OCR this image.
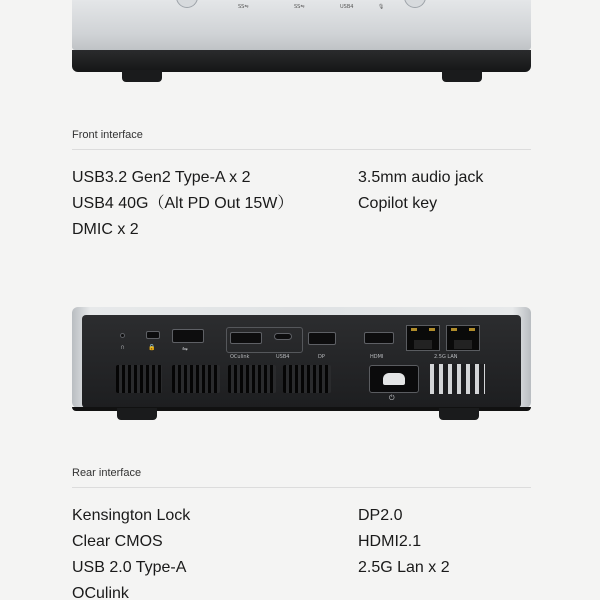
SS⇋	SS⇋	USB4	🎙
Front interface
USB3.2 Gen2 Type-A x 2
USB4 40G（Alt PD Out 15W）
DMIC x 2
3.5mm audio jack
Copilot key
∩	🔒	⇋
OCulink	USB4	DP	HDMI	2.5G LAN
⏻
Rear interface
Kensington Lock
Clear CMOS
USB 2.0 Type-A
OCulink
DP2.0
HDMI2.1
2.5G Lan x 2
